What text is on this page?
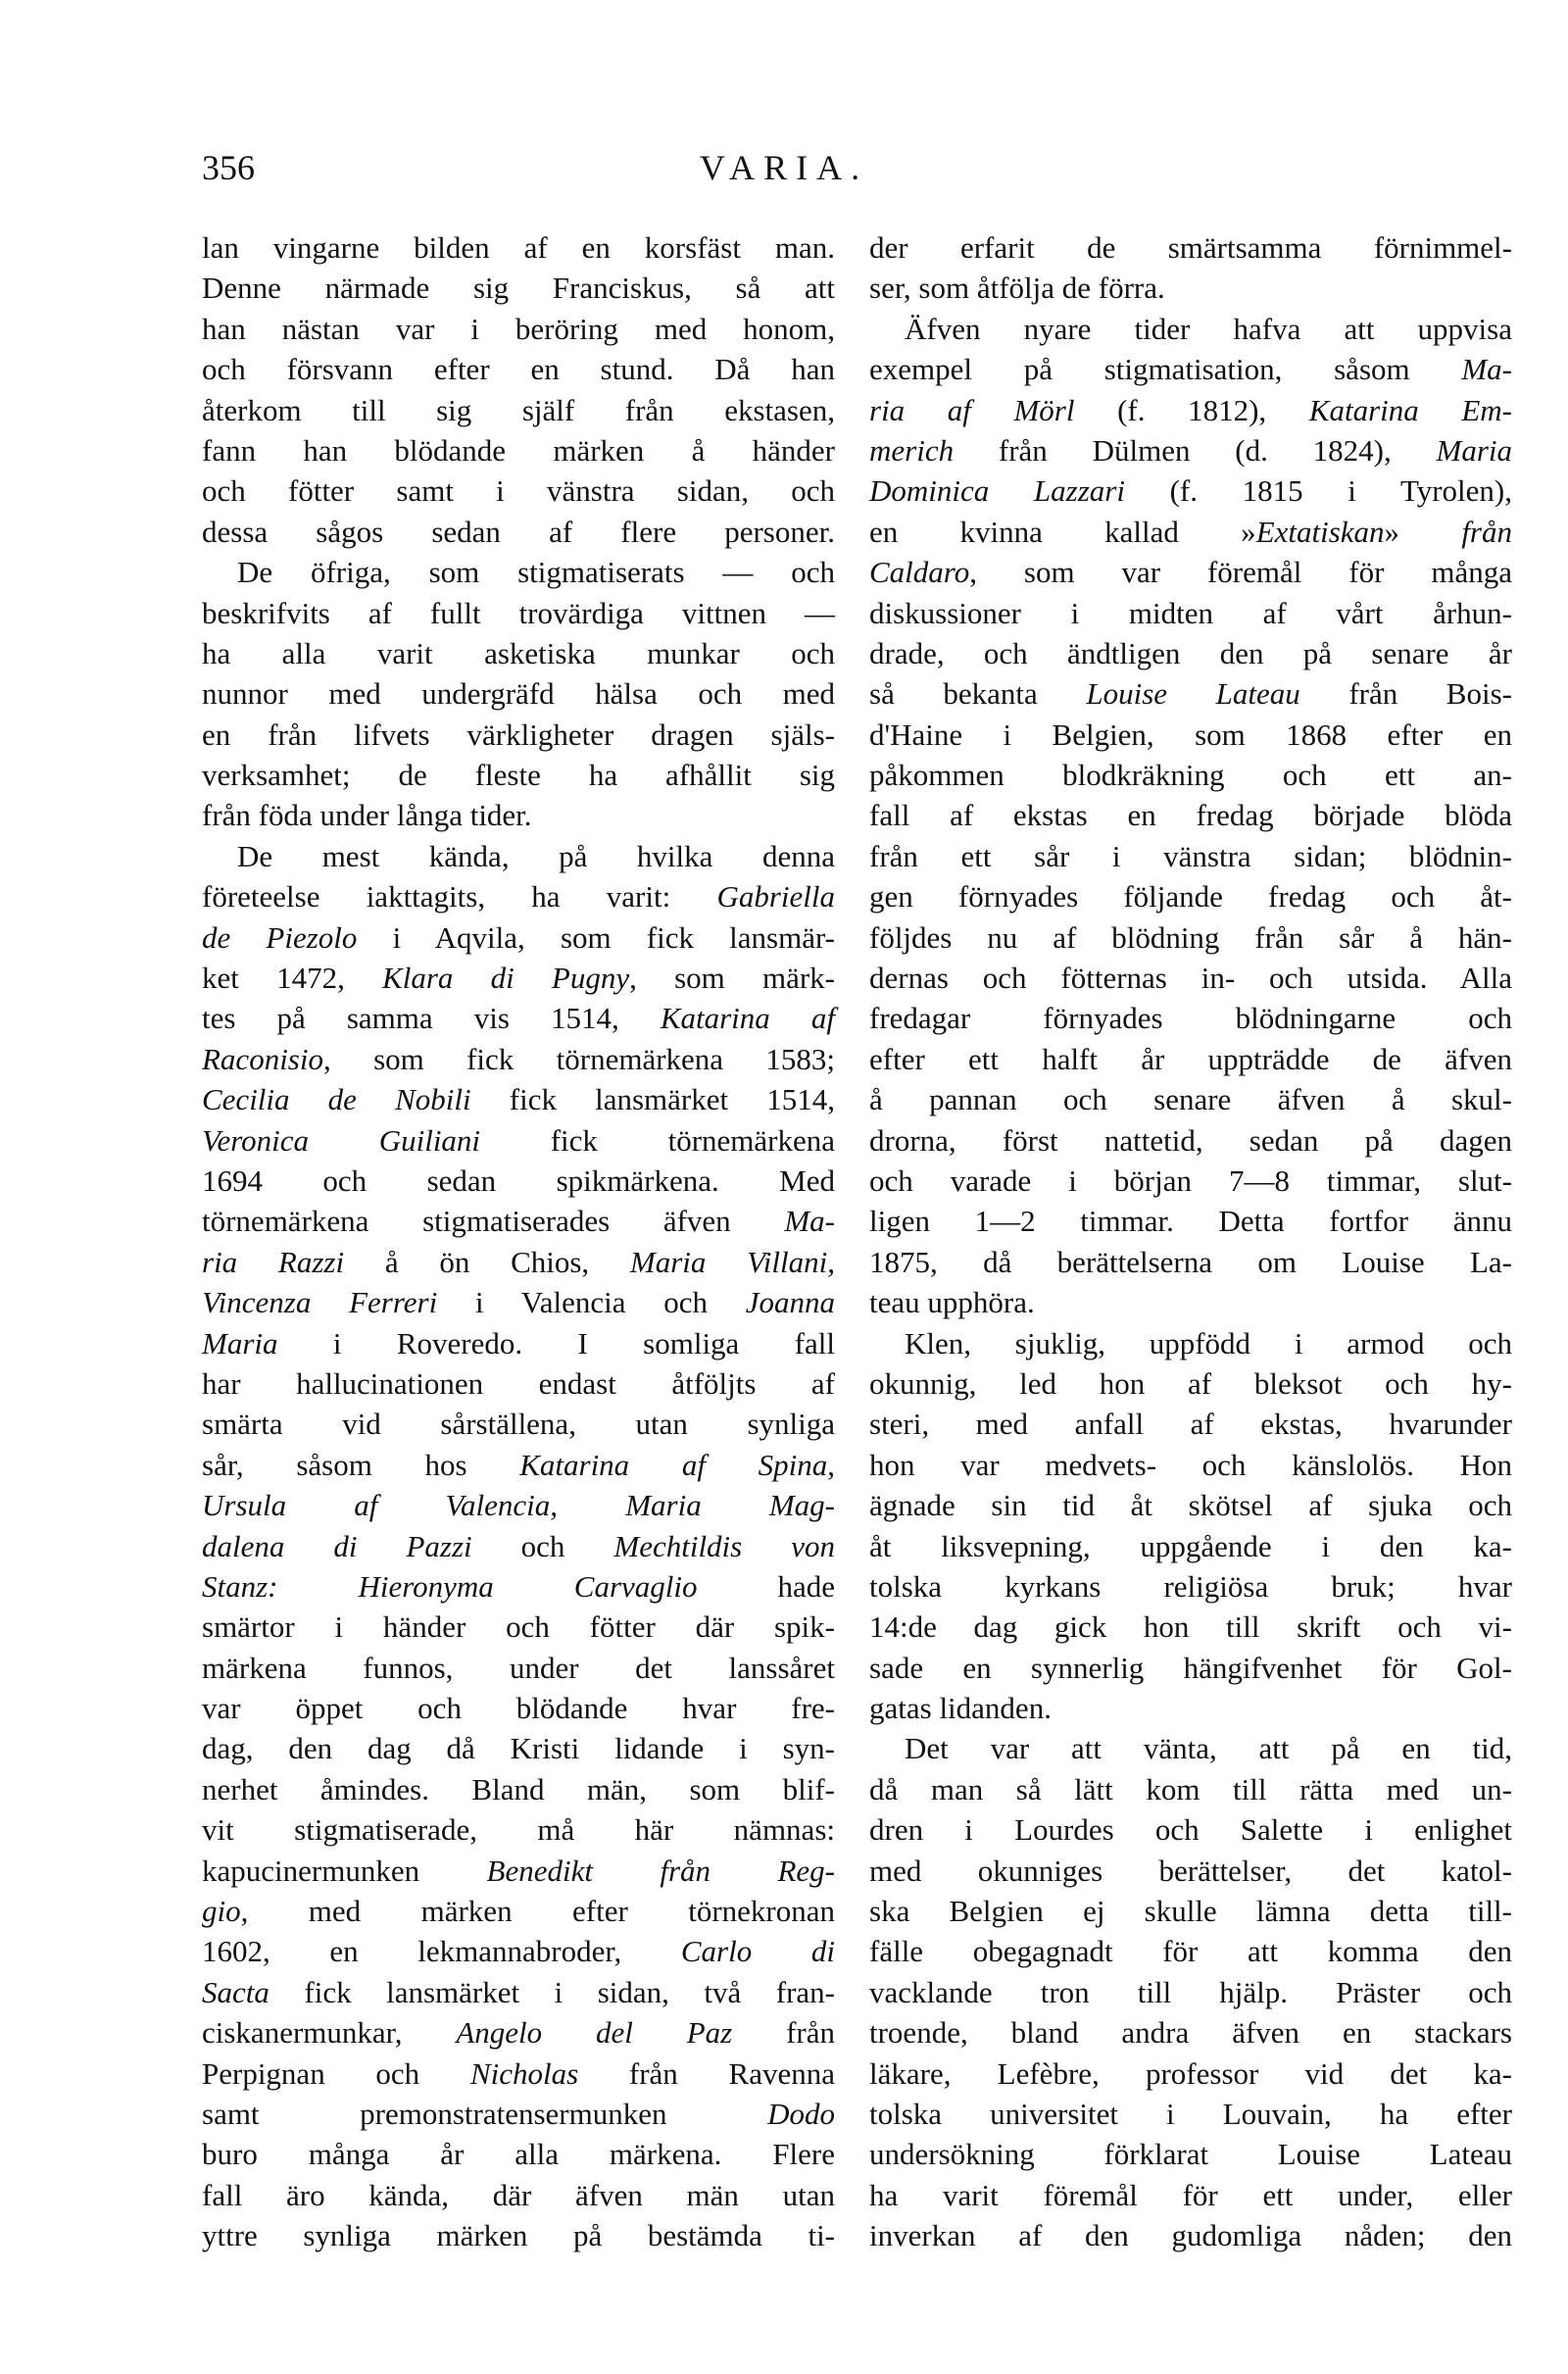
356	VARIA.
lan vingarne bilden af en korsfäst man.
Denne närmade sig Franciskus, så att
han nästan var i beröring med honom,
och försvann efter en stund. Då han
återkom till sig själf från ekstasen,
fann han blödande märken å händer
och fötter samt i vänstra sidan, och
dessa sågos sedan af flere personer.
De öfriga, som stigmatiserats — och
beskrifvits af fullt trovärdiga vittnen —
ha alla varit asketiska munkar och
nunnor med undergräfd hälsa och med
en från lifvets värkligheter dragen själs-
verksamhet; de fleste ha afhållit sig
från föda under långa tider.
De mest kända, på hvilka denna
företeelse iakttagits, ha varit: Gabriella
de Piezolo i Aqvila, som fick lansmär-
ket 1472, Klara di Pugny, som märk-
tes på samma vis 1514, Katarina af
Raconisio, som fick törnemärkena 1583;
Cecilia de Nobili fick lansmärket 1514,
Veronica Guiliani fick törnemärkena
1694 och sedan spikmärkena. Med
törnemärkena stigmatiserades äfven Ma-
ria Razzi å ön Chios, Maria Villani,
Vincenza Ferreri i Valencia och Joanna
Maria i Roveredo. I somliga fall
har hallucinationen endast åtföljts af
smärta vid sårställena, utan synliga
sår, såsom hos Katarina af Spina,
Ursula af Valencia, Maria Mag-
dalena di Pazzi och Mechtildis von
Stanz: Hieronyma Carvaglio hade
smärtor i händer och fötter där spik-
märkena funnos, under det lanssåret
var öppet och blödande hvar fre-
dag, den dag då Kristi lidande i syn-
nerhet åmindes. Bland män, som blif-
vit stigmatiserade, må här nämnas:
kapucinermunken Benedikt från Reg-
gio, med märken efter törnekronan
1602, en lekmannabroder, Carlo di
Sacta fick lansmärket i sidan, två fran-
ciskanermunkar, Angelo del Paz från
Perpignan och Nicholas från Ravenna
samt premonstratensermunken Dodo
buro många år alla märkena. Flere
fall äro kända, där äfven män utan
yttre synliga märken på bestämda ti-
der erfarit de smärtsamma förnimmel-
ser, som åtfölja de förra.
Äfven nyare tider hafva att uppvisa
exempel på stigmatisation, såsom Ma-
ria af Mörl (f. 1812), Katarina Em-
merich från Dülmen (d. 1824), Maria
Dominica Lazzari (f. 1815 i Tyrolen),
en kvinna kallad »Extatiskan» från
Caldaro, som var föremål för många
diskussioner i midten af vårt århun-
drade, och ändtligen den på senare år
så bekanta Louise Lateau från Bois-
d'Haine i Belgien, som 1868 efter en
påkommen blodkräkning och ett an-
fall af ekstas en fredag började blöda
från ett sår i vänstra sidan; blödnin-
gen förnyades följande fredag och åt-
följdes nu af blödning från sår å hän-
dernas och fötternas in- och utsida. Alla
fredagar förnyades blödningarne och
efter ett halft år uppträdde de äfven
å pannan och senare äfven å skul-
drorna, först nattetid, sedan på dagen
och varade i början 7—8 timmar, slut-
ligen 1—2 timmar. Detta fortfor ännu
1875, då berättelserna om Louise La-
teau upphöra.
Klen, sjuklig, uppfödd i armod och
okunnig, led hon af bleksot och hy-
steri, med anfall af ekstas, hvarunder
hon var medvets- och känslolös. Hon
ägnade sin tid åt skötsel af sjuka och
åt liksvepning, uppgående i den ka-
tolska kyrkans religiösa bruk; hvar
14:de dag gick hon till skrift och vi-
sade en synnerlig hängifvenhet för Gol-
gatas lidanden.
Det var att vänta, att på en tid,
då man så lätt kom till rätta med un-
dren i Lourdes och Salette i enlighet
med okunniges berättelser, det katol-
ska Belgien ej skulle lämna detta till-
fälle obegagnadt för att komma den
vacklande tron till hjälp. Präster och
troende, bland andra äfven en stackars
läkare, Lefèbre, professor vid det ka-
tolska universitet i Louvain, ha efter
undersökning förklarat Louise Lateau
ha varit föremål för ett under, eller
inverkan af den gudomliga nåden; den
